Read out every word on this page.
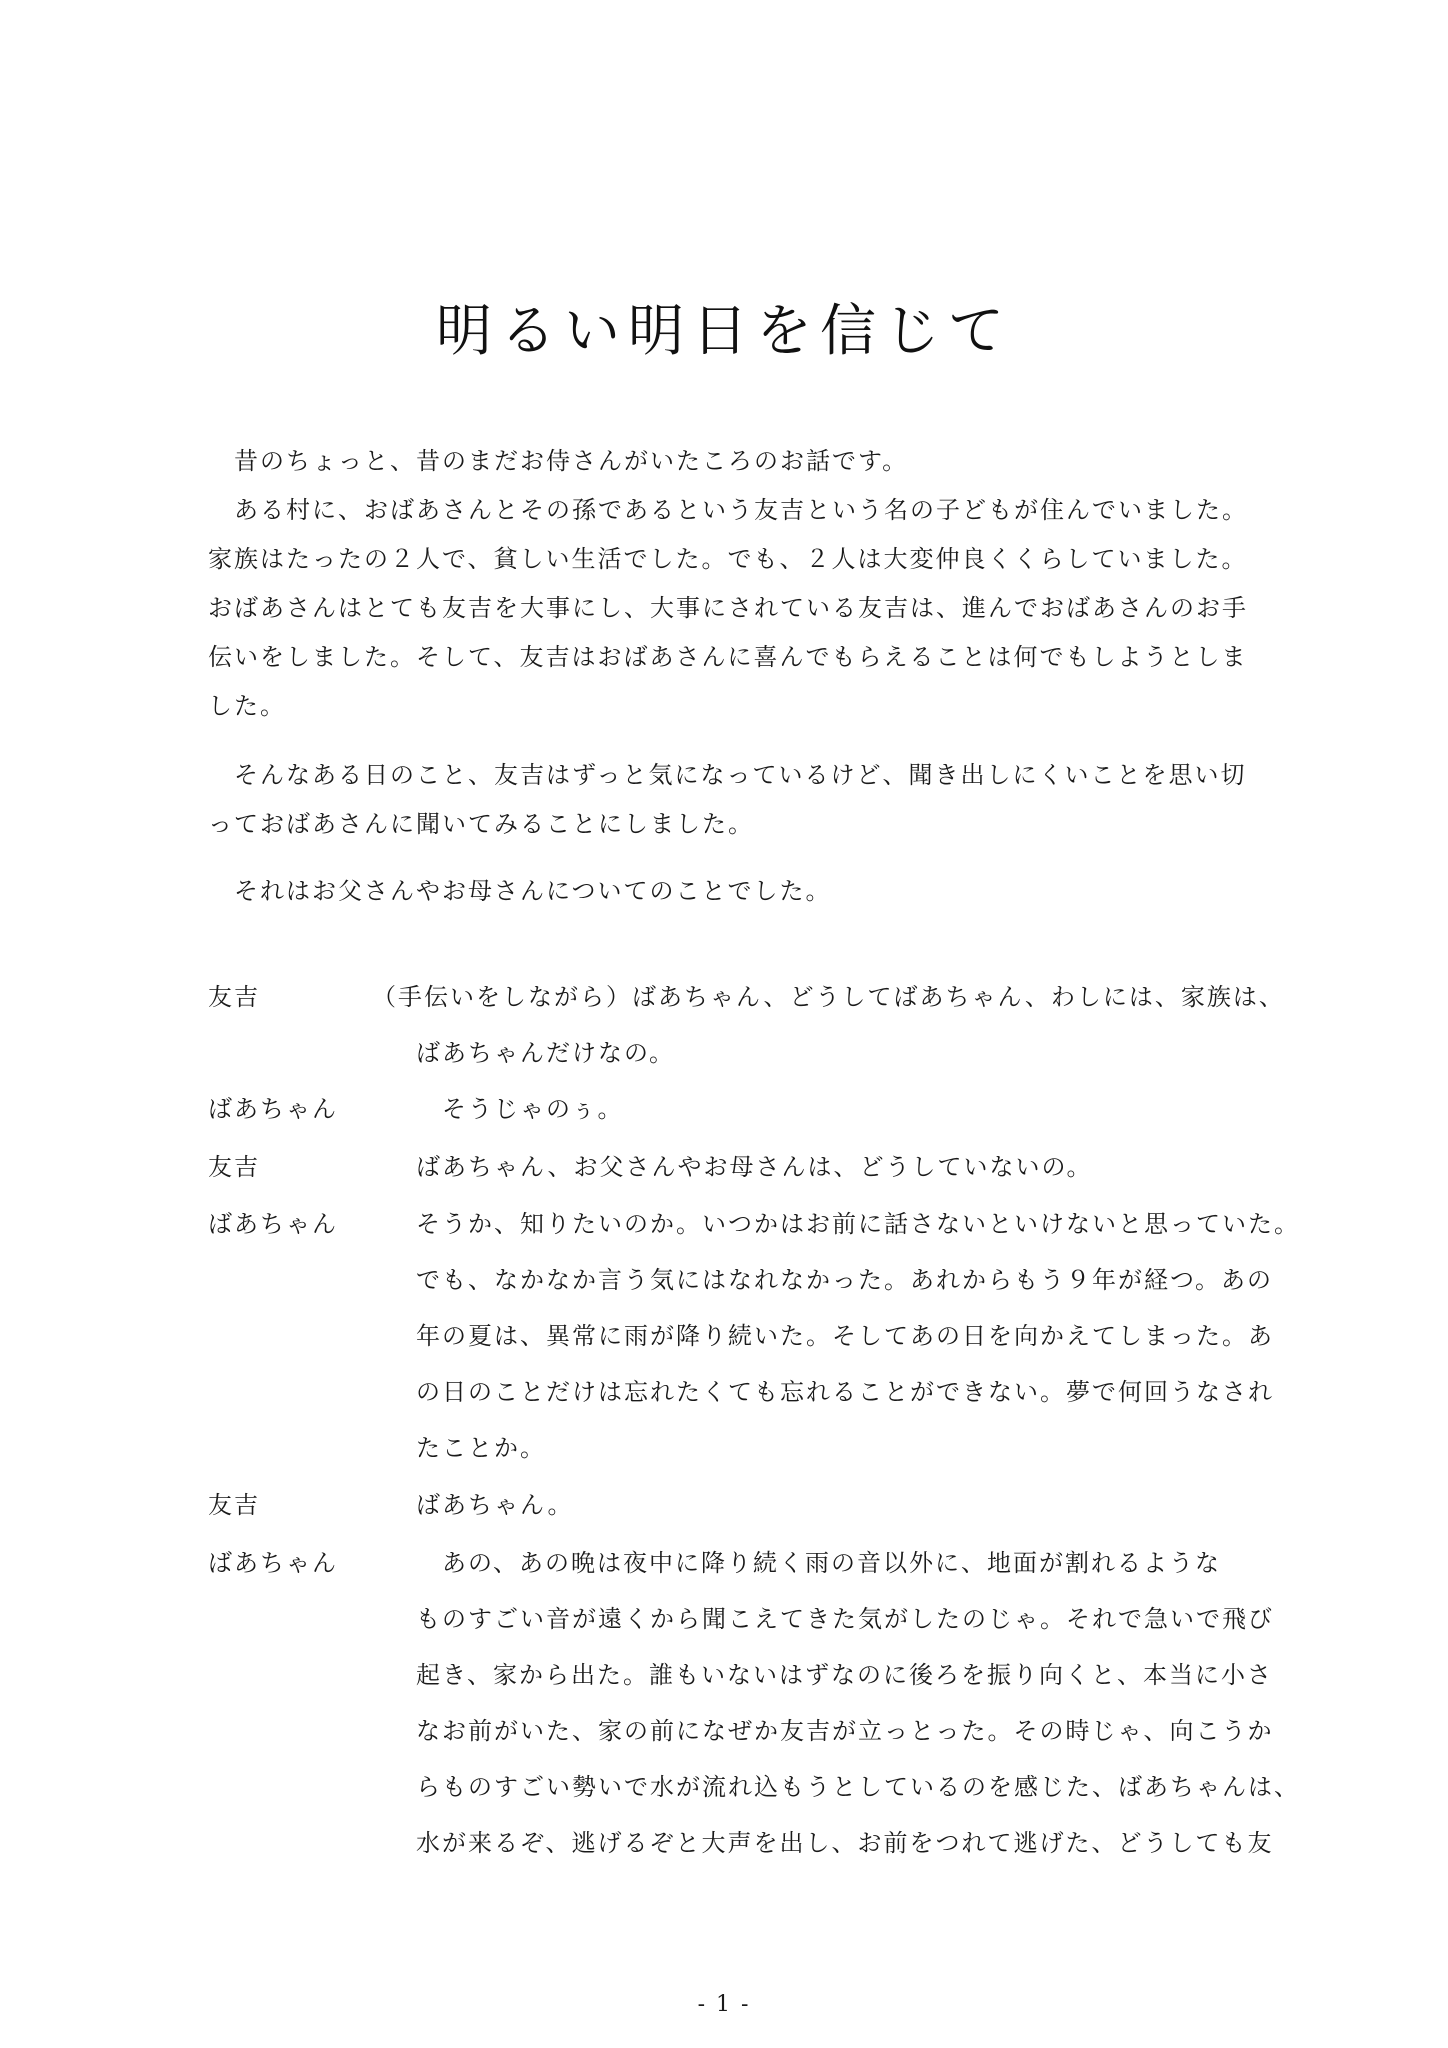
明るい明日を信じて

　昔のちょっと、昔のまだお侍さんがいたころのお話です。

　ある村に、おばあさんとその孫であるという友吉という名の子どもが住んでいました。

家族はたったの２人で、貧しい生活でした。でも、２人は大変仲良くくらしていました。

おばあさんはとても友吉を大事にし、大事にされている友吉は、進んでおばあさんのお手

伝いをしました。そして、友吉はおばあさんに喜んでもらえることは何でもしようとしま

した。

　そんなある日のこと、友吉はずっと気になっているけど、聞き出しにくいことを思い切

っておばあさんに聞いてみることにしました。

　それはお父さんやお母さんについてのことでした。

友吉	（手伝いをしながら）ばあちゃん、どうしてばあちゃん、わしには、家族は、
　ばあちゃんだけなの。
ばあちゃん 　　そうじゃのぅ。
友吉	　ばあちゃん、お父さんやお母さんは、どうしていないの。
ばあちゃん 　そうか、知りたいのか。いつかはお前に話さないといけないと思っていた。
　でも、なかなか言う気にはなれなかった。あれからもう９年が経つ。あの
　年の夏は、異常に雨が降り続いた。そしてあの日を向かえてしまった。あ
　の日のことだけは忘れたくても忘れることができない。夢で何回うなされ
　たことか。
友吉	　ばあちゃん。
ばあちゃん 　　あの、あの晩は夜中に降り続く雨の音以外に、地面が割れるような
　ものすごい音が遠くから聞こえてきた気がしたのじゃ。それで急いで飛び
　起き、家から出た。誰もいないはずなのに後ろを振り向くと、本当に小さ
　なお前がいた、家の前になぜか友吉が立っとった。その時じゃ、向こうか
　らものすごい勢いで水が流れ込もうとしているのを感じた、ばあちゃんは、
　水が来るぞ、逃げるぞと大声を出し、お前をつれて逃げた、どうしても友
- 1 -
